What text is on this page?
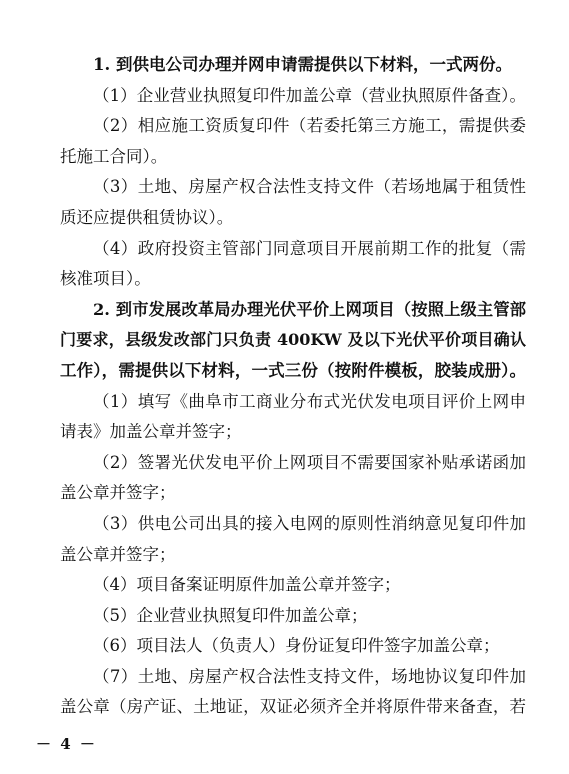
1. 到供电公司办理并网申请需提供以下材料，一式两份。
（1）企业营业执照复印件加盖公章（营业执照原件备查）。
（2）相应施工资质复印件（若委托第三方施工，需提供委
托施工合同）。
（3）土地、房屋产权合法性支持文件（若场地属于租赁性
质还应提供租赁协议）。
（4）政府投资主管部门同意项目开展前期工作的批复（需
核准项目）。
2. 到市发展改革局办理光伏平价上网项目（按照上级主管部
门要求，县级发改部门只负责 400KW 及以下光伏平价项目确认
工作），需提供以下材料，一式三份（按附件模板，胶装成册）。
（1）填写《曲阜市工商业分布式光伏发电项目评价上网申
请表》加盖公章并签字；
（2）签署光伏发电平价上网项目不需要国家补贴承诺函加
盖公章并签字；
（3）供电公司出具的接入电网的原则性消纳意见复印件加
盖公章并签字；
（4）项目备案证明原件加盖公章并签字；
（5）企业营业执照复印件加盖公章；
（6）项目法人（负责人）身份证复印件签字加盖公章；
（7）土地、房屋产权合法性支持文件，场地协议复印件加
盖公章（房产证、土地证，双证必须齐全并将原件带来备查，若
－ 4 －
